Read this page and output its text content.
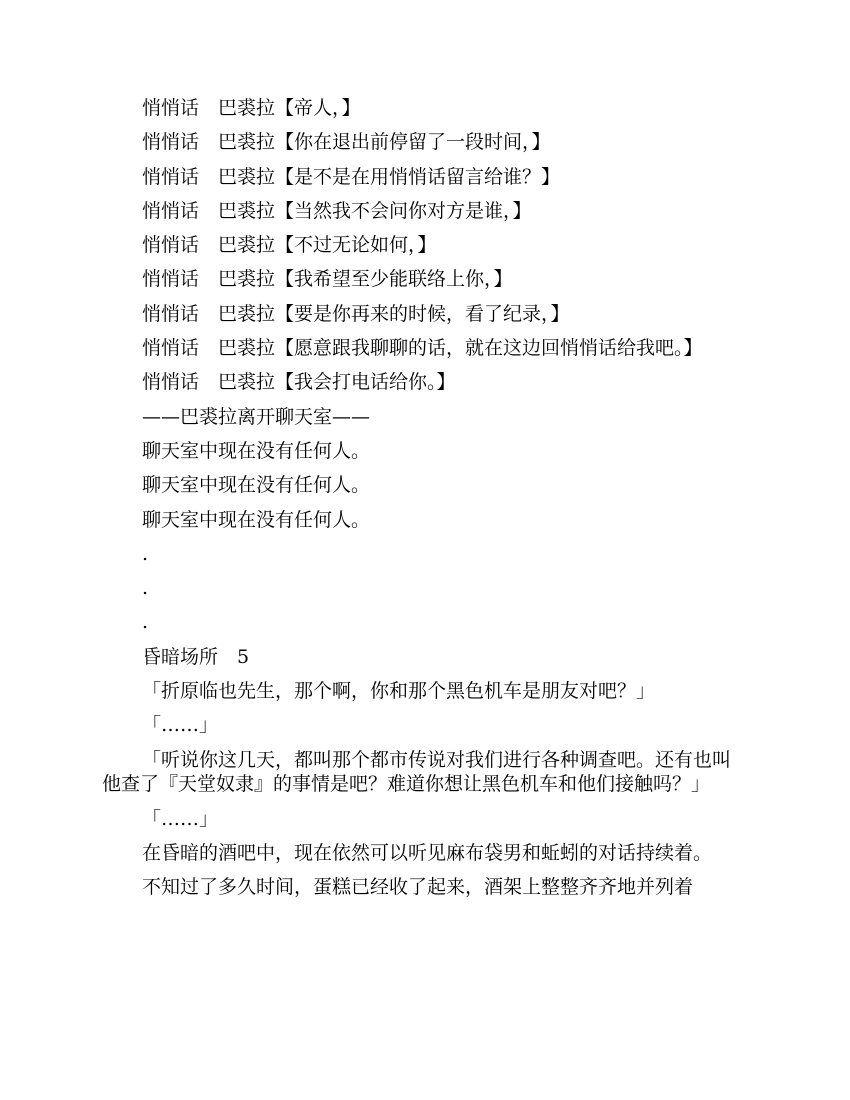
悄悄话　巴裘拉【帝人，】

悄悄话　巴裘拉【你在退出前停留了一段时间，】

悄悄话　巴裘拉【是不是在用悄悄话留言给谁？】

悄悄话　巴裘拉【当然我不会问你对方是谁，】

悄悄话　巴裘拉【不过无论如何，】

悄悄话　巴裘拉【我希望至少能联络上你，】

悄悄话　巴裘拉【要是你再来的时候，看了纪录，】

悄悄话　巴裘拉【愿意跟我聊聊的话，就在这边回悄悄话给我吧。】

悄悄话　巴裘拉【我会打电话给你。】

——巴裘拉离开聊天室——

聊天室中现在没有任何人。

聊天室中现在没有任何人。

聊天室中现在没有任何人。

.

.

.

昏暗场所　5

「折原临也先生，那个啊，你和那个黑色机车是朋友对吧？」

「……」

「听说你这几天，都叫那个都市传说对我们进行各种调查吧。还有也叫他查了『天堂奴隶』的事情是吧？难道你想让黑色机车和他们接触吗？」

「……」

在昏暗的酒吧中，现在依然可以听见麻布袋男和蚯蚓的对话持续着。

不知过了多久时间，蛋糕已经收了起来，酒架上整整齐齐地并列着
